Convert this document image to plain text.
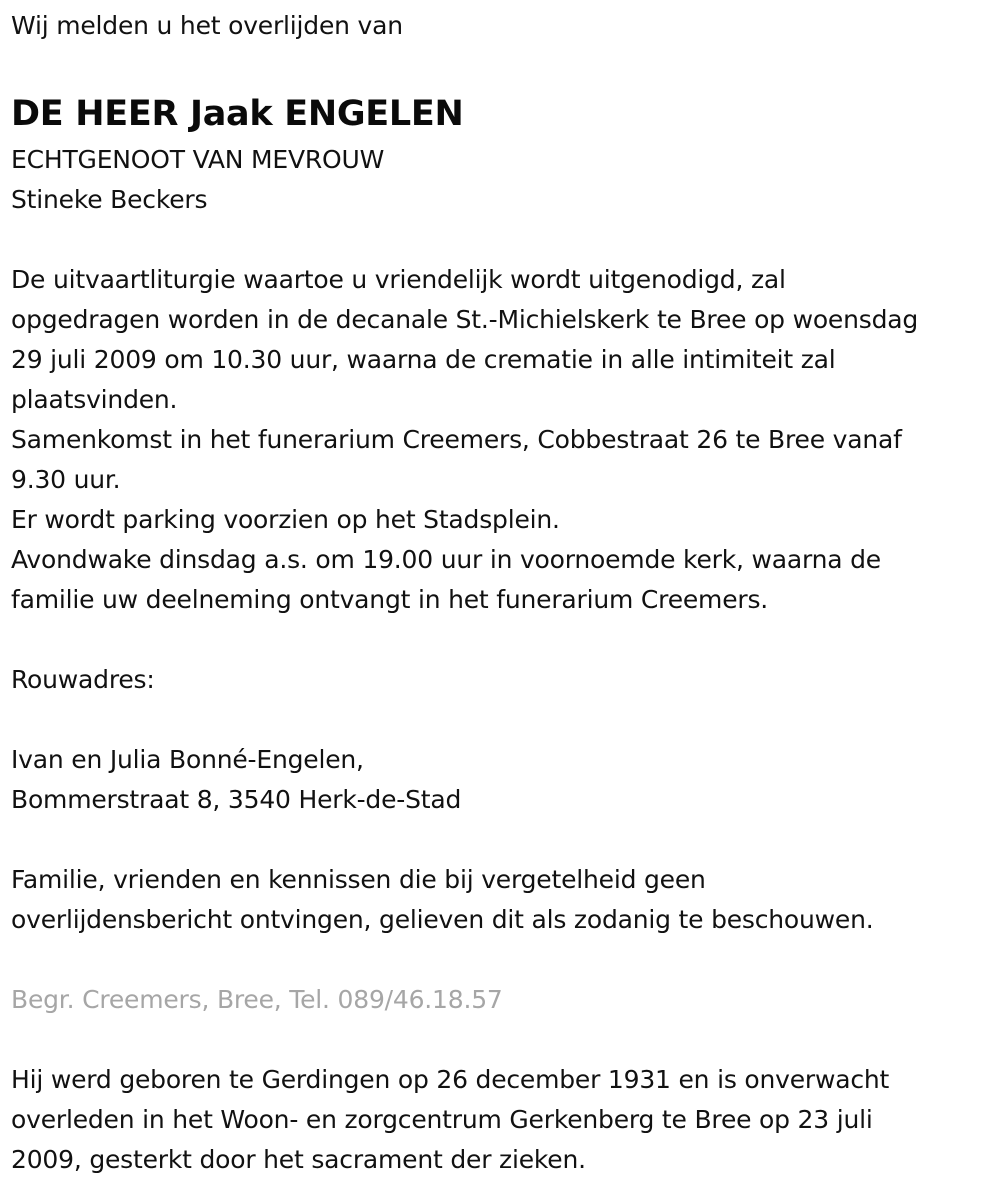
Wij melden u het overlijden van
DE HEER Jaak ENGELEN
ECHTGENOOT VAN MEVROUW
Stineke Beckers
De uitvaartliturgie waartoe u vriendelijk wordt uitgenodigd, zal
opgedragen worden in de decanale St.-Michielskerk te Bree op woensdag
29 juli 2009 om 10.30 uur, waarna de crematie in alle intimiteit zal
plaatsvinden.
Samenkomst in het funerarium Creemers, Cobbestraat 26 te Bree vanaf
9.30 uur.
Er wordt parking voorzien op het Stadsplein.
Avondwake dinsdag a.s. om 19.00 uur in voornoemde kerk, waarna de
familie uw deelneming ontvangt in het funerarium Creemers.
Rouwadres:
Ivan en Julia Bonné-Engelen,
Bommerstraat 8, 3540 Herk-de-Stad
Familie, vrienden en kennissen die bij vergetelheid geen
overlijdensbericht ontvingen, gelieven dit als zodanig te beschouwen.
Begr. Creemers, Bree, Tel. 089/46.18.57
Hij werd geboren te Gerdingen op 26 december 1931 en is onverwacht
overleden in het Woon- en zorgcentrum Gerkenberg te Bree op 23 juli
2009, gesterkt door het sacrament der zieken.
